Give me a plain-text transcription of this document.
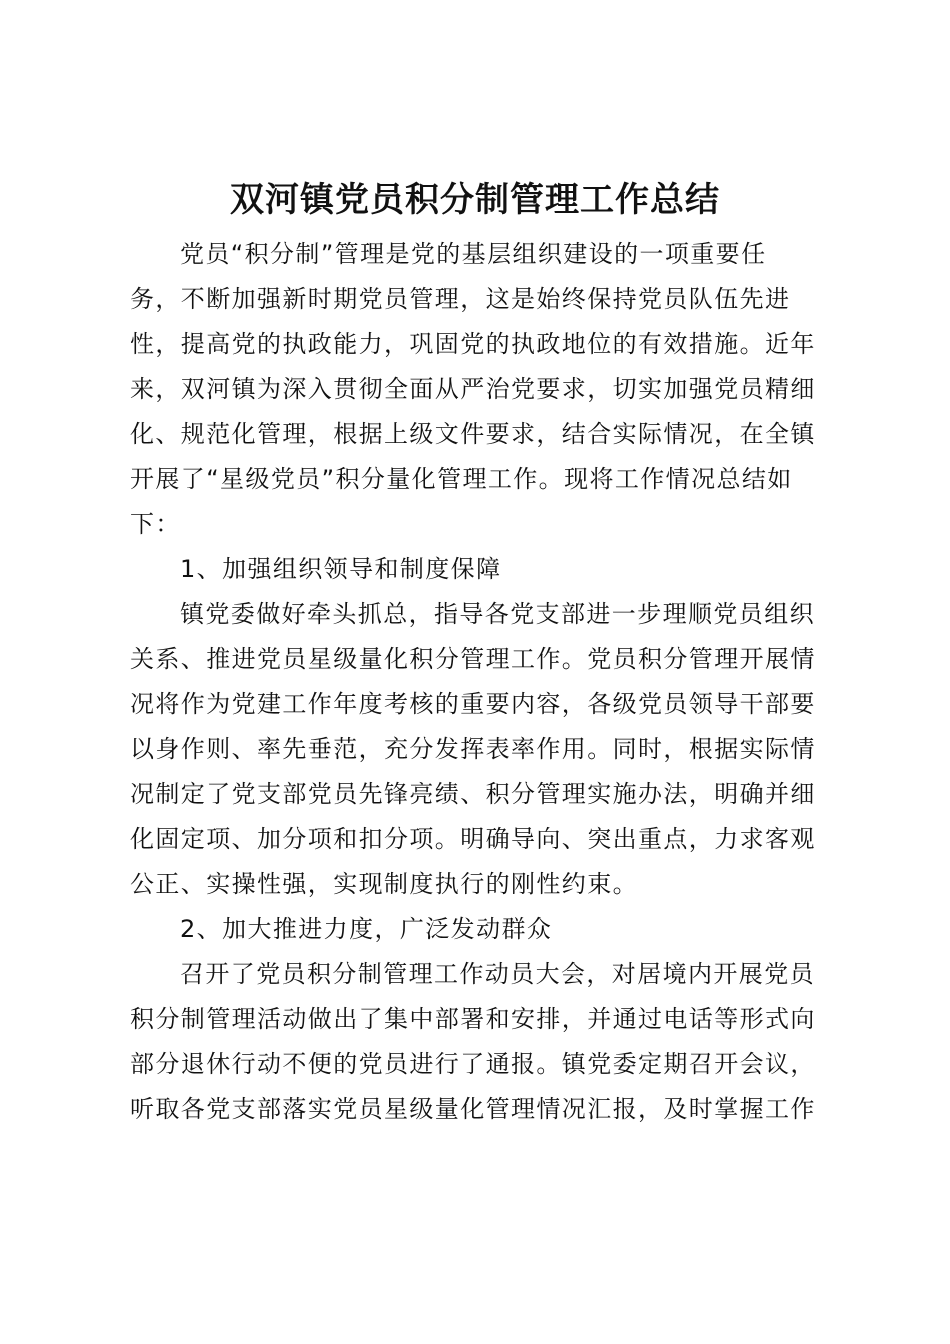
双河镇党员积分制管理工作总结
党员“积分制”管理是党的基层组织建设的一项重要任
务，不断加强新时期党员管理，这是始终保持党员队伍先进
性，提高党的执政能力，巩固党的执政地位的有效措施。近年
来，双河镇为深入贯彻全面从严治党要求，切实加强党员精细
化、规范化管理，根据上级文件要求，结合实际情况，在全镇
开展了“星级党员”积分量化管理工作。现将工作情况总结如
下：
1、加强组织领导和制度保障
镇党委做好牵头抓总，指导各党支部进一步理顺党员组织
关系、推进党员星级量化积分管理工作。党员积分管理开展情
况将作为党建工作年度考核的重要内容，各级党员领导干部要
以身作则、率先垂范，充分发挥表率作用。同时，根据实际情
况制定了党支部党员先锋亮绩、积分管理实施办法，明确并细
化固定项、加分项和扣分项。明确导向、突出重点，力求客观
公正、实操性强，实现制度执行的刚性约束。
2、加大推进力度，广泛发动群众
召开了党员积分制管理工作动员大会，对居境内开展党员
积分制管理活动做出了集中部署和安排，并通过电话等形式向
部分退休行动不便的党员进行了通报。镇党委定期召开会议，
听取各党支部落实党员星级量化管理情况汇报，及时掌握工作
